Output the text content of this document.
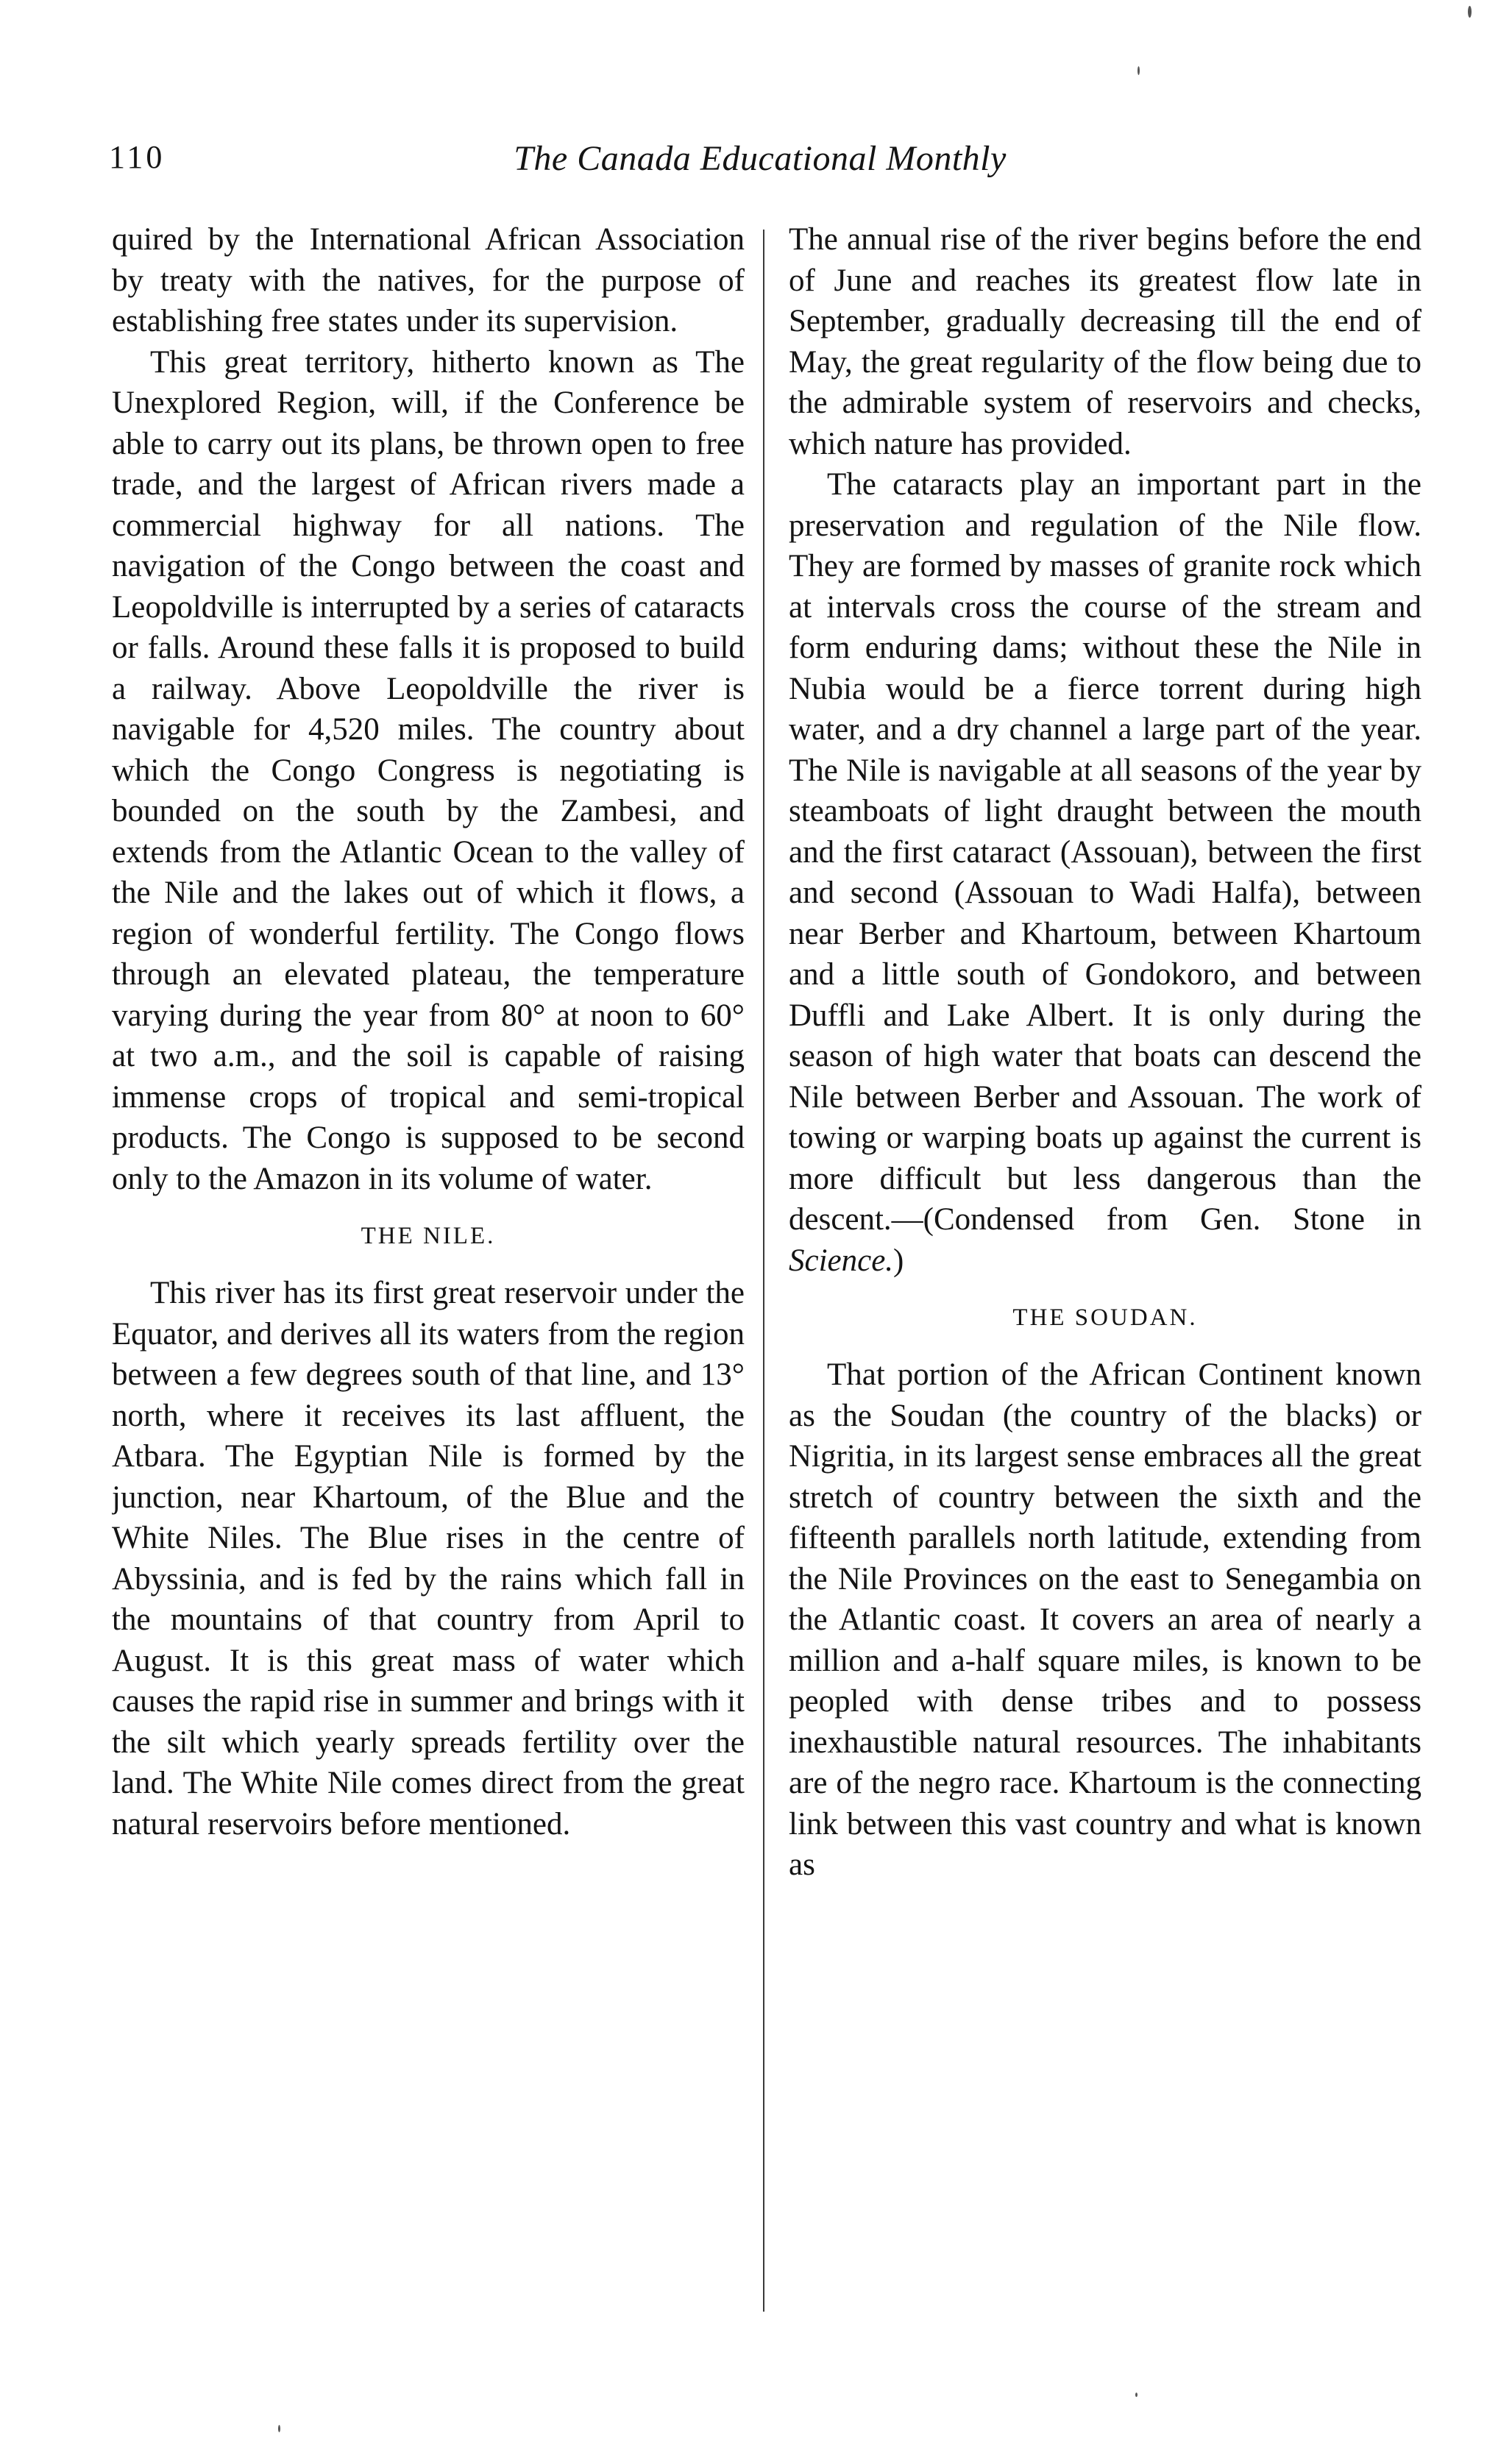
110	The Canada Educational Monthly

quired by the International African Association by treaty with the natives, for the purpose of establishing free states under its supervision.

This great territory, hitherto known as The Unexplored Region, will, if the Conference be able to carry out its plans, be thrown open to free trade, and the largest of African rivers made a commercial highway for all nations. The navigation of the Congo between the coast and Leopoldville is interrupted by a series of cataracts or falls. Around these falls it is proposed to build a railway. Above Leopoldville the river is navigable for 4,520 miles. The country about which the Congo Congress is negotiating is bounded on the south by the Zambesi, and extends from the Atlantic Ocean to the valley of the Nile and the lakes out of which it flows, a region of wonderful fertility. The Congo flows through an elevated plateau, the temperature varying during the year from 80° at noon to 60° at two a.m., and the soil is capable of raising immense crops of tropical and semi-tropical products. The Congo is supposed to be second only to the Amazon in its volume of water.

THE NILE.

This river has its first great reservoir under the Equator, and derives all its waters from the region between a few degrees south of that line, and 13° north, where it receives its last affluent, the Atbara. The Egyptian Nile is formed by the junction, near Khartoum, of the Blue and the White Niles. The Blue rises in the centre of Abyssinia, and is fed by the rains which fall in the mountains of that country from April to August. It is this great mass of water which causes the rapid rise in summer and brings with it the silt which yearly spreads fertility over the land. The White Nile comes direct from the great natural reservoirs before mentioned.

The annual rise of the river begins before the end of June and reaches its greatest flow late in September, gradually decreasing till the end of May, the great regularity of the flow being due to the admirable system of reservoirs and checks, which nature has provided.

The cataracts play an important part in the preservation and regulation of the Nile flow. They are formed by masses of granite rock which at intervals cross the course of the stream and form enduring dams; without these the Nile in Nubia would be a fierce torrent during high water, and a dry channel a large part of the year. The Nile is navigable at all seasons of the year by steamboats of light draught between the mouth and the first cataract (Assouan), between the first and second (Assouan to Wadi Halfa), between near Berber and Khartoum, between Khartoum and a little south of Gondokoro, and between Duffli and Lake Albert. It is only during the season of high water that boats can descend the Nile between Berber and Assouan. The work of towing or warping boats up against the current is more difficult but less dangerous than the descent.—(Condensed from Gen. Stone in Science.)

THE SOUDAN.

That portion of the African Continent known as the Soudan (the country of the blacks) or Nigritia, in its largest sense embraces all the great stretch of country between the sixth and the fifteenth parallels north latitude, extending from the Nile Provinces on the east to Senegambia on the Atlantic coast. It covers an area of nearly a million and a-half square miles, is known to be peopled with dense tribes and to possess inexhaustible natural resources. The inhabitants are of the negro race. Khartoum is the connecting link between this vast country and what is known as
